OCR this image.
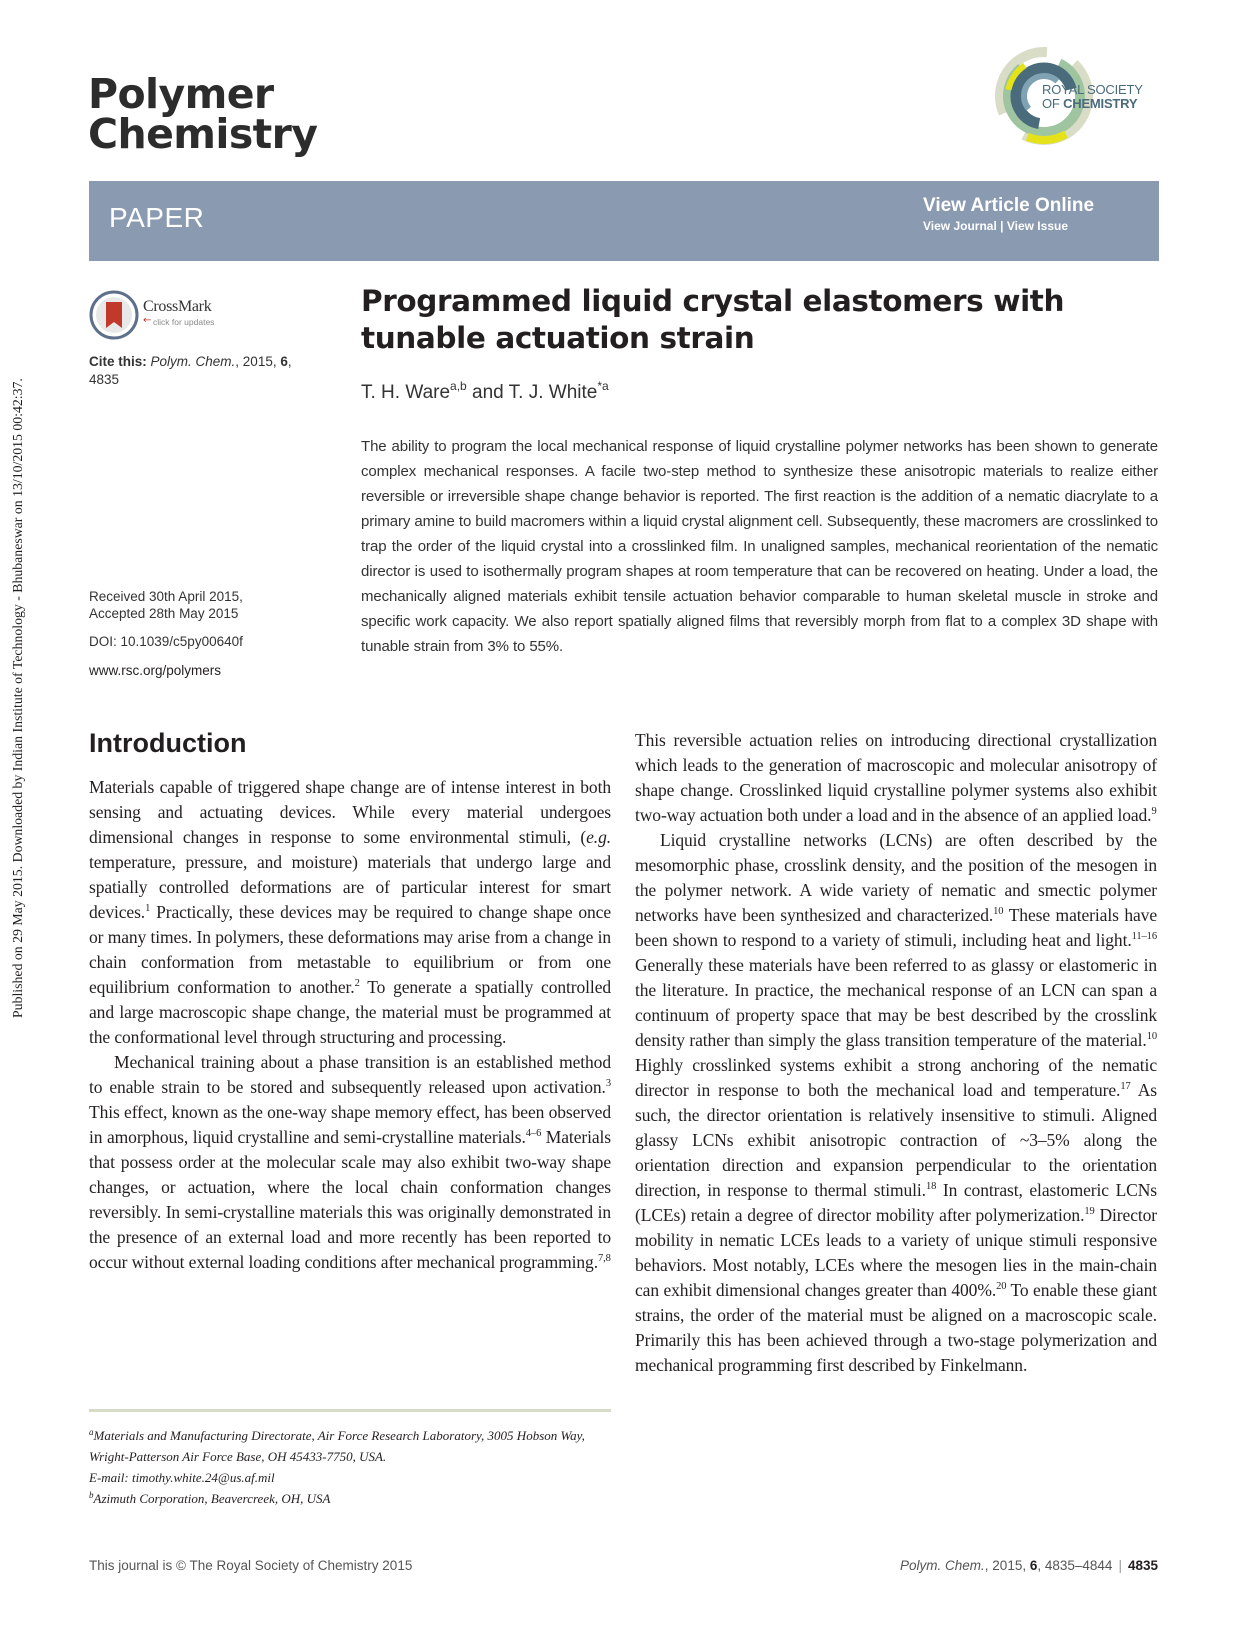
Published on 29 May 2015. Downloaded by Indian Institute of Technology - Bhubaneswar on 13/10/2015 00:42:37.
Polymer
Chemistry
ROYAL SOCIETY
OF CHEMISTRY
PAPER	View Article Online
View Journal | View Issue
CrossMark
← click for updates
Cite this: Polym. Chem., 2015, 6,
4835
Received 30th April 2015,
Accepted 28th May 2015
DOI: 10.1039/c5py00640f
www.rsc.org/polymers
Programmed liquid crystal elastomers with tunable actuation strain
T. H. Ware$^{a,b}$ and T. J. White$^{*a}$

The ability to program the local mechanical response of liquid crystalline polymer networks has been shown to generate complex mechanical responses. A facile two-step method to synthesize these anisotropic materials to realize either reversible or irreversible shape change behavior is reported. The first reaction is the addition of a nematic diacrylate to a primary amine to build macromers within a liquid crystal alignment cell. Subsequently, these macromers are crosslinked to trap the order of the liquid crystal into a crosslinked film. In unaligned samples, mechanical reorientation of the nematic director is used to isothermally program shapes at room temperature that can be recovered on heating. Under a load, the mechanically aligned materials exhibit tensile actuation behavior comparable to human skeletal muscle in stroke and specific work capacity. We also report spatially aligned films that reversibly morph from flat to a complex 3D shape with tunable strain from 3% to 55%.

Introduction

Materials capable of triggered shape change are of intense interest in both sensing and actuating devices. While every material undergoes dimensional changes in response to some environmental stimuli, (e.g. temperature, pressure, and moisture) materials that undergo large and spatially controlled deformations are of particular interest for smart devices.$^1$ Practically, these devices may be required to change shape once or many times. In polymers, these deformations may arise from a change in chain conformation from metastable to equilibrium or from one equilibrium conformation to another.$^2$ To generate a spatially controlled and large macroscopic shape change, the material must be programmed at the conformational level through structuring and processing.

Mechanical training about a phase transition is an established method to enable strain to be stored and subsequently released upon activation.$^3$ This effect, known as the one-way shape memory effect, has been observed in amorphous, liquid crystalline and semi-crystalline materials.$^{4-6}$ Materials that possess order at the molecular scale may also exhibit two-way shape changes, or actuation, where the local chain conformation changes reversibly. In semi-crystalline materials this was originally demonstrated in the presence of an external load and more recently has been reported to occur without external loading conditions after mechanical programming.$^{7,8}$

$^a$Materials and Manufacturing Directorate, Air Force Research Laboratory, 3005 Hobson Way, Wright-Patterson Air Force Base, OH 45433-7750, USA.
E-mail: timothy.white.24@us.af.mil
$^b$Azimuth Corporation, Beavercreek, OH, USA

This reversible actuation relies on introducing directional crystallization which leads to the generation of macroscopic and molecular anisotropy of shape change. Crosslinked liquid crystalline polymer systems also exhibit two-way actuation both under a load and in the absence of an applied load.$^9$

Liquid crystalline networks (LCNs) are often described by the mesomorphic phase, crosslink density, and the position of the mesogen in the polymer network. A wide variety of nematic and smectic polymer networks have been synthesized and characterized.$^{10}$ These materials have been shown to respond to a variety of stimuli, including heat and light.$^{11-16}$ Generally these materials have been referred to as glassy or elastomeric in the literature. In practice, the mechanical response of an LCN can span a continuum of property space that may be best described by the crosslink density rather than simply the glass transition temperature of the material.$^{10}$ Highly crosslinked systems exhibit a strong anchoring of the nematic director in response to both the mechanical load and temperature.$^{17}$ As such, the director orientation is relatively insensitive to stimuli. Aligned glassy LCNs exhibit anisotropic contraction of ~3–5% along the orientation direction and expansion perpendicular to the orientation direction, in response to thermal stimuli.$^{18}$ In contrast, elastomeric LCNs (LCEs) retain a degree of director mobility after polymerization.$^{19}$ Director mobility in nematic LCEs leads to a variety of unique stimuli responsive behaviors. Most notably, LCEs where the mesogen lies in the main-chain can exhibit dimensional changes greater than 400%.$^{20}$ To enable these giant strains, the order of the material must be aligned on a macroscopic scale. Primarily this has been achieved through a two-stage polymerization and mechanical programming first described by Finkelmann.

This journal is © The Royal Society of Chemistry 2015	Polym. Chem., 2015, 6, 4835–4844 | 4835
